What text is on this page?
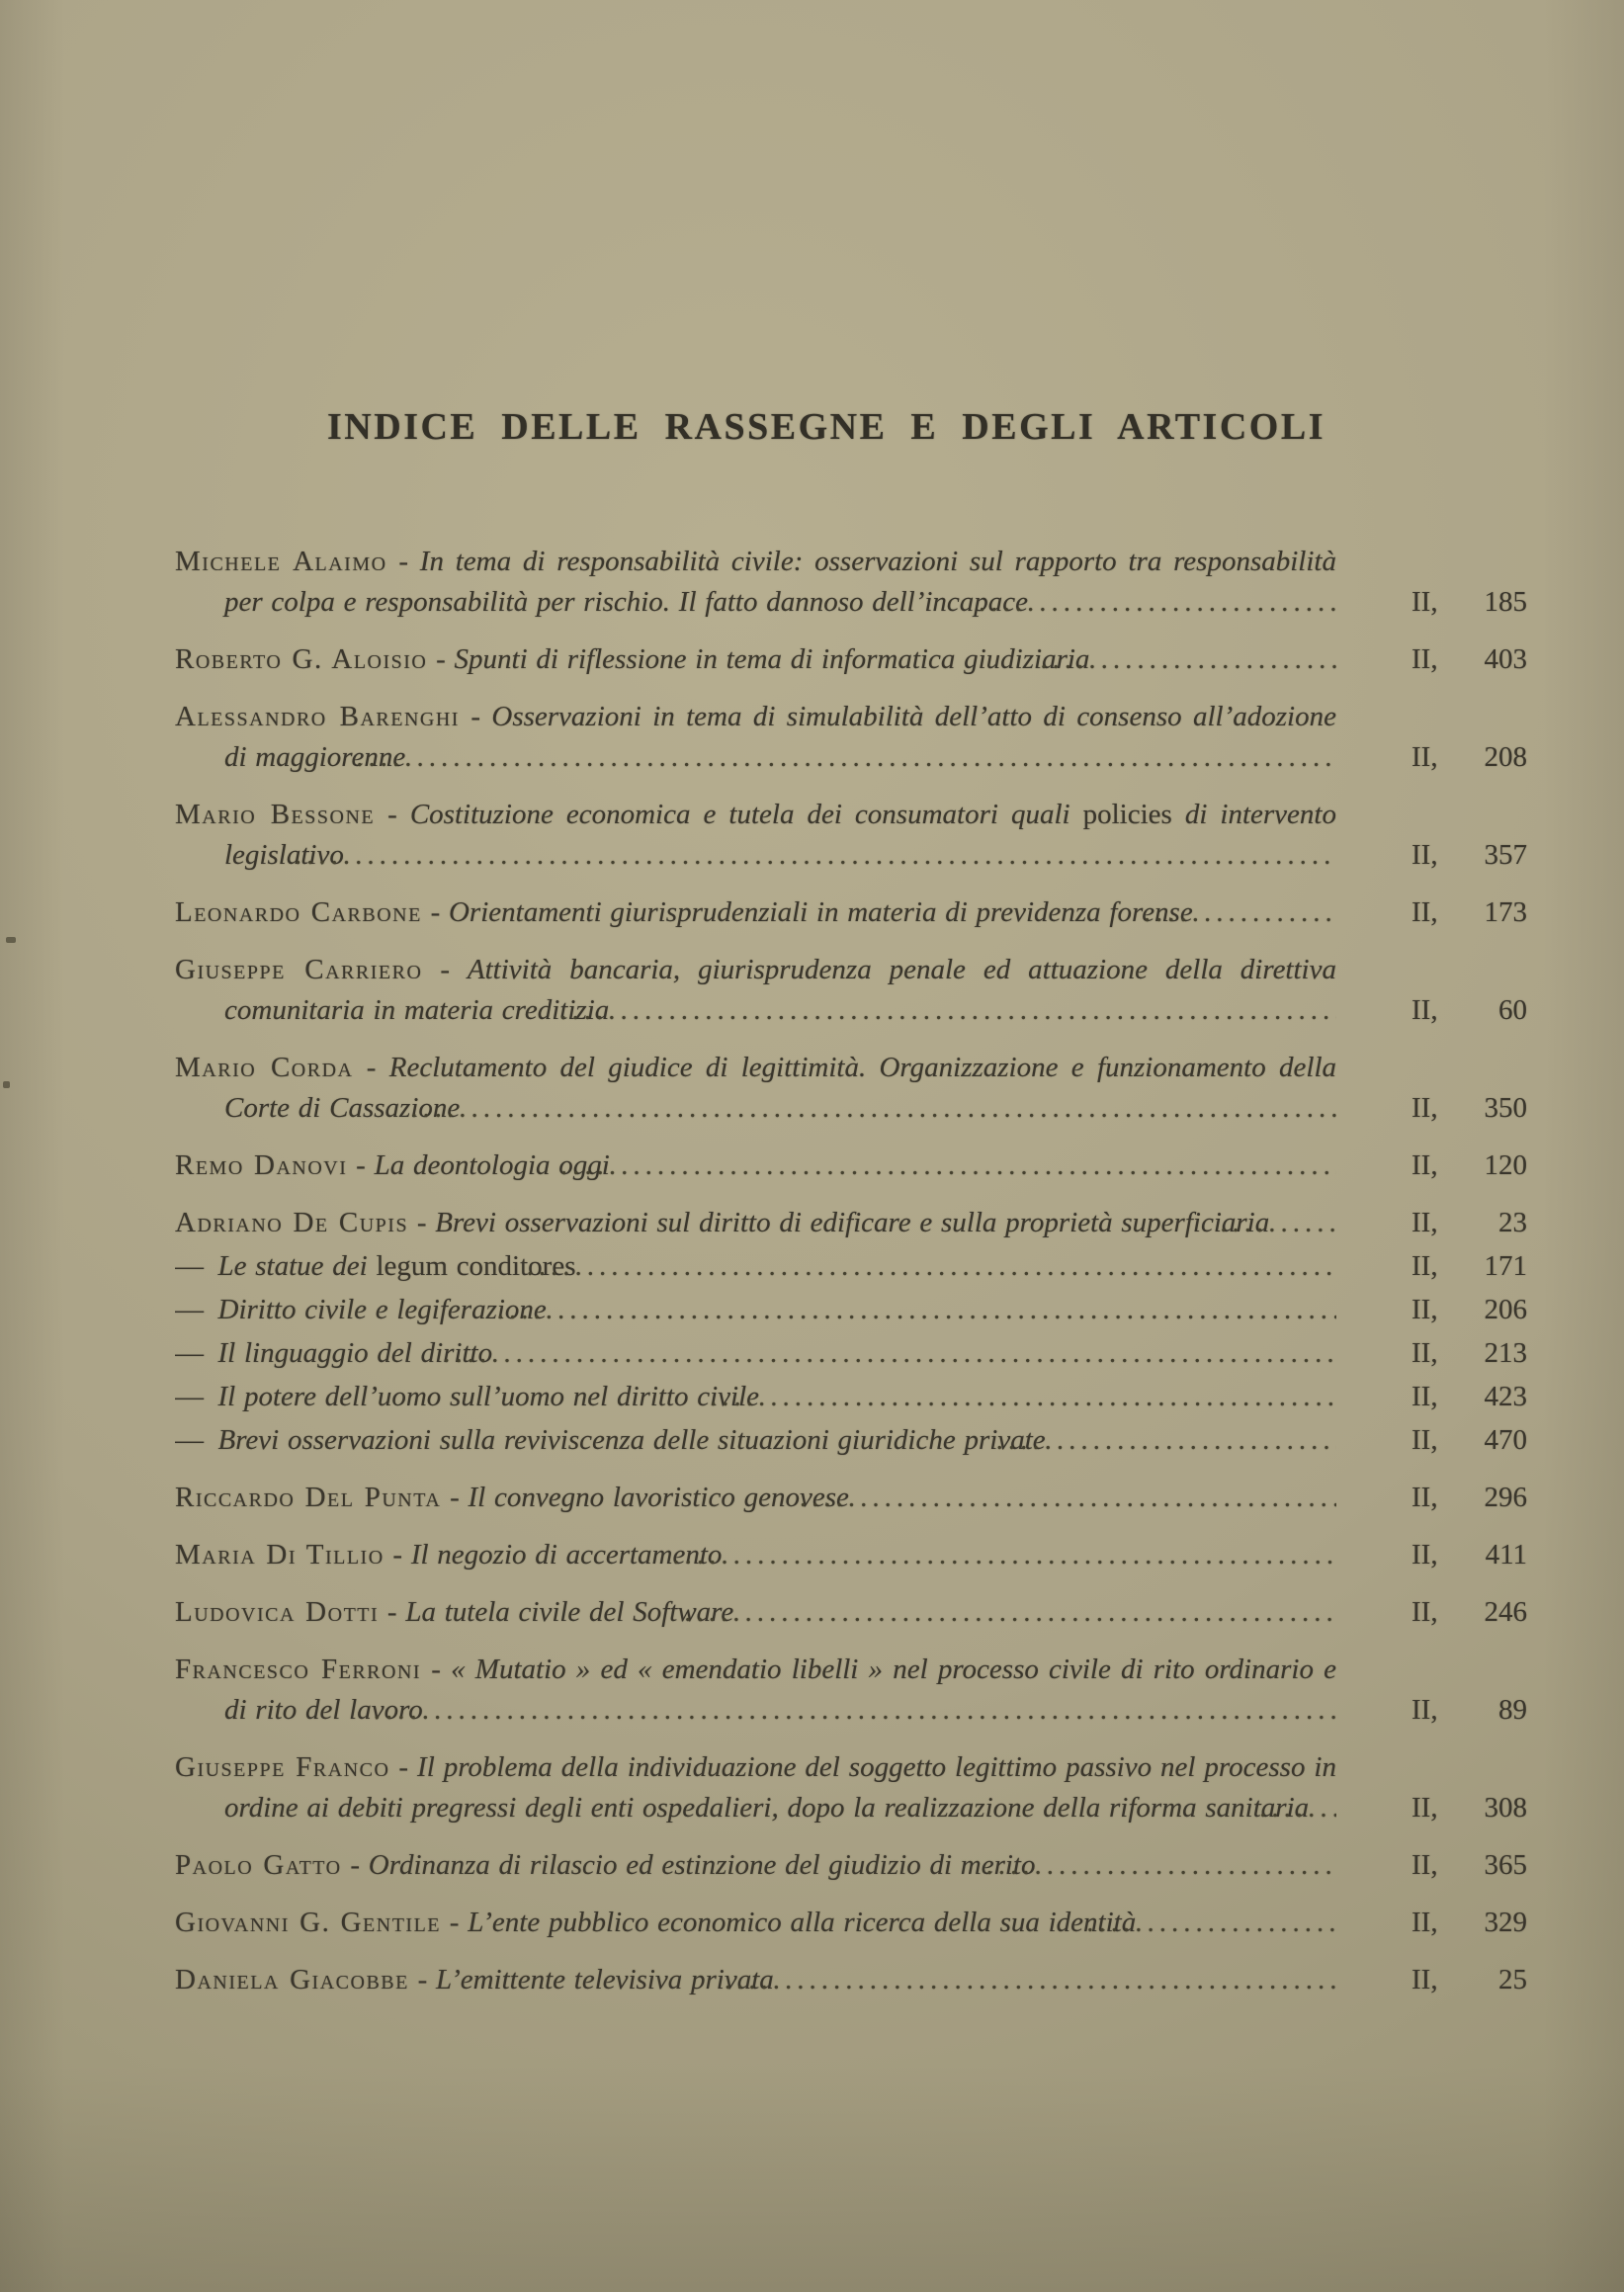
INDICE DELLE RASSEGNE E DEGLI ARTICOLI
Michele Alaimo - In tema di responsabilità civile: osservazioni sul rapporto tra responsabilità per colpa e responsabilità per rischio. Il fatto dannoso dell’incapace	II,	185
Roberto G. Aloisio - Spunti di riflessione in tema di informatica giudiziaria	II,	403
Alessandro Barenghi - Osservazioni in tema di simulabilità dell’atto di consenso all’adozione di maggiorenne	II,	208
Mario Bessone - Costituzione economica e tutela dei consumatori quali policies di intervento legislativo	II,	357
Leonardo Carbone - Orientamenti giurisprudenziali in materia di previdenza forense	II,	173
Giuseppe Carriero - Attività bancaria, giurisprudenza penale ed attuazione della direttiva comunitaria in materia creditizia	II,	60
Mario Corda - Reclutamento del giudice di legittimità. Organizzazione e funzionamento della Corte di Cassazione	II,	350
Remo Danovi - La deontologia oggi	II,	120
Adriano De Cupis - Brevi osservazioni sul diritto di edificare e sulla proprietà superficiaria	II,	23
— Le statue dei legum conditores	II,	171
— Diritto civile e legiferazione	II,	206
— Il linguaggio del diritto	II,	213
— Il potere dell’uomo sull’uomo nel diritto civile	II,	423
— Brevi osservazioni sulla reviviscenza delle situazioni giuridiche private	II,	470
Riccardo Del Punta - Il convegno lavoristico genovese	II,	296
Maria Di Tillio - Il negozio di accertamento	II,	411
Ludovica Dotti - La tutela civile del Software	II,	246
Francesco Ferroni - « Mutatio » ed « emendatio libelli » nel processo civile di rito ordinario e di rito del lavoro	II,	89
Giuseppe Franco - Il problema della individuazione del soggetto legittimo passivo nel processo in ordine ai debiti pregressi degli enti ospedalieri, dopo la realizzazione della riforma sanitaria	II,	308
Paolo Gatto - Ordinanza di rilascio ed estinzione del giudizio di merito	II,	365
Giovanni G. Gentile - L’ente pubblico economico alla ricerca della sua identità	II,	329
Daniela Giacobbe - L’emittente televisiva privata	II,	25
